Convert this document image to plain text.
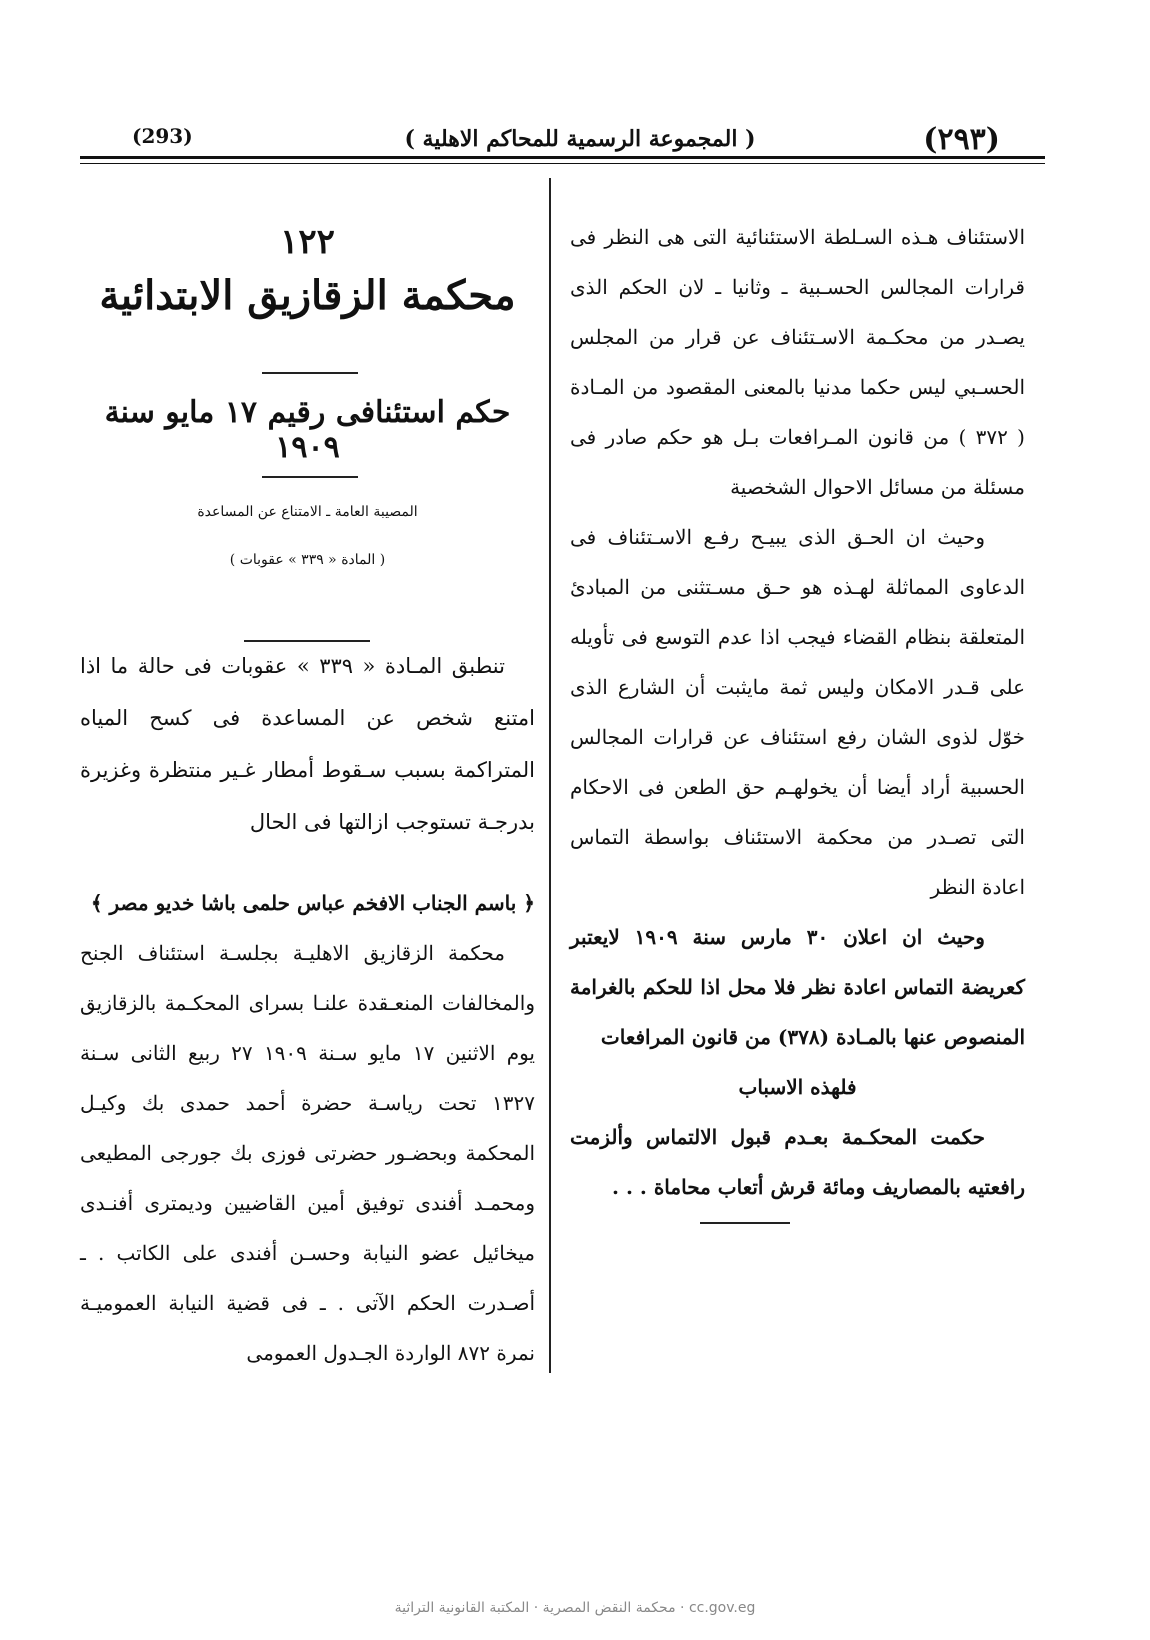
(٢٩٣)
( المجموعة الرسمية للمحاكم الاهلية )
(293)

الاستئناف هـذه السـلطة الاستئنائية التى هى النظر فى قرارات المجالس الحسـبية ـ وثانيا ـ لان الحكم الذى يصـدر من محكـمة الاسـتئناف عن قرار من المجلس الحسـبي ليس حكما مدنيا بالمعنى المقصود من المـادة ( ٣٧٢ ) من قانون المـرافعات بـل هو حكم صادر فى مسئلة من مسائل الاحوال الشخصية

وحيث ان الحـق الذى يبيـح رفـع الاسـتئناف فى الدعاوى المماثلة لهـذه هو حـق مسـتثنى من المبادئ المتعلقة بنظام القضاء فيجب اذا عدم التوسع فى تأويله على قـدر الامكان وليس ثمة مايثبت أن الشارع الذى خوّل لذوى الشان رفع استئناف عن قرارات المجالس الحسبية أراد أيضا أن يخولهـم حق الطعن فى الاحكام التى تصـدر من محكمة الاستئناف بواسطة التماس اعادة النظر

وحيث ان اعلان ٣٠ مارس سنة ١٩٠٩ لايعتبر كعريضة التماس اعادة نظر فلا محل اذا للحكم بالغرامة المنصوص عنها بالمـادة (٣٧٨) من قانون المرافعات

فلهذه الاسباب

حكمت المحكـمة بعـدم قبول الالتماس وألزمت رافعتيه بالمصاريف ومائة قرش أتعاب محاماة . . .

١٢٢
محكمة الزقازيق الابتدائية
حكم استئنافى رقيم ١٧ مايو سنة ١٩٠٩
المصيبة العامة ـ الامتناع عن المساعدة
( المادة « ٣٣٩ » عقوبات )

تنطبق المـادة « ٣٣٩ » عقوبات فى حالة ما اذا امتنع شخص عن المساعدة فى كسح المياه المتراكمة بسبب سـقوط أمطار غـير منتظرة وغزيرة بدرجـة تستوجب ازالتها فى الحال

﴿ باسم الجناب الافخم عباس حلمى باشا خديو مصر ﴾

محكمة الزقازيق الاهليـة بجلسـة استئناف الجنح والمخالفات المنعـقدة علنـا بسراى المحكـمة بالزقازيق يوم الاثنين ١٧ مايو سـنة ١٩٠٩ ٢٧ ربيع الثانى سـنة ١٣٢٧ تحت رياسـة حضرة أحمد حمدى بك وكيـل المحكمة وبحضـور حضرتى فوزى بك جورجى المطيعى ومحمـد أفندى توفيق أمين القاضيين وديمترى أفنـدى ميخائيل عضو النيابة وحسـن أفندى على الكاتب . ـ أصـدرت الحكم الآتى . ـ فى قضية النيابة العموميـة نمرة ٨٧٢ الواردة الجـدول العمومى

cc.gov.eg · محكمة النقض المصرية · المكتبة القانونية التراثية
